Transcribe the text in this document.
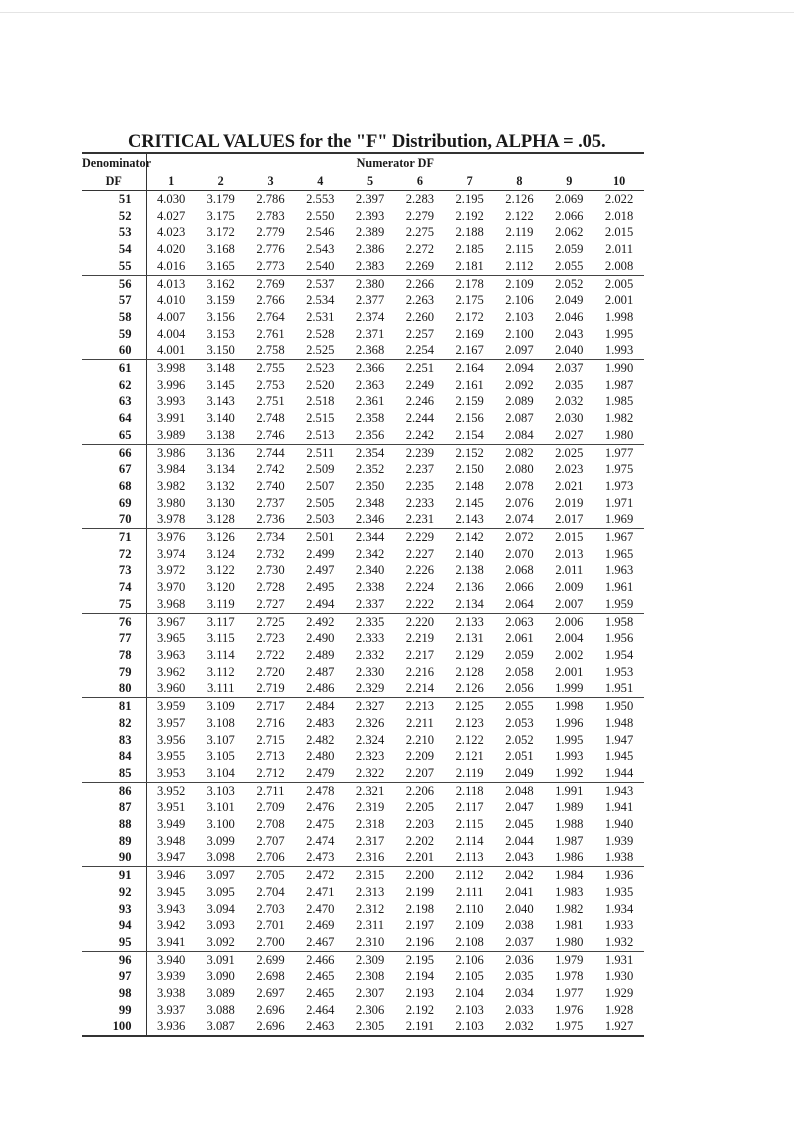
CRITICAL VALUES for the "F" Distribution, ALPHA = .05.
Denominator	Numerator DF									
DF	1	2	3	4	5	6	7	8	9	10
51	4.030	3.179	2.786	2.553	2.397	2.283	2.195	2.126	2.069	2.022
52	4.027	3.175	2.783	2.550	2.393	2.279	2.192	2.122	2.066	2.018
53	4.023	3.172	2.779	2.546	2.389	2.275	2.188	2.119	2.062	2.015
54	4.020	3.168	2.776	2.543	2.386	2.272	2.185	2.115	2.059	2.011
55	4.016	3.165	2.773	2.540	2.383	2.269	2.181	2.112	2.055	2.008
56	4.013	3.162	2.769	2.537	2.380	2.266	2.178	2.109	2.052	2.005
57	4.010	3.159	2.766	2.534	2.377	2.263	2.175	2.106	2.049	2.001
58	4.007	3.156	2.764	2.531	2.374	2.260	2.172	2.103	2.046	1.998
59	4.004	3.153	2.761	2.528	2.371	2.257	2.169	2.100	2.043	1.995
60	4.001	3.150	2.758	2.525	2.368	2.254	2.167	2.097	2.040	1.993
61	3.998	3.148	2.755	2.523	2.366	2.251	2.164	2.094	2.037	1.990
62	3.996	3.145	2.753	2.520	2.363	2.249	2.161	2.092	2.035	1.987
63	3.993	3.143	2.751	2.518	2.361	2.246	2.159	2.089	2.032	1.985
64	3.991	3.140	2.748	2.515	2.358	2.244	2.156	2.087	2.030	1.982
65	3.989	3.138	2.746	2.513	2.356	2.242	2.154	2.084	2.027	1.980
66	3.986	3.136	2.744	2.511	2.354	2.239	2.152	2.082	2.025	1.977
67	3.984	3.134	2.742	2.509	2.352	2.237	2.150	2.080	2.023	1.975
68	3.982	3.132	2.740	2.507	2.350	2.235	2.148	2.078	2.021	1.973
69	3.980	3.130	2.737	2.505	2.348	2.233	2.145	2.076	2.019	1.971
70	3.978	3.128	2.736	2.503	2.346	2.231	2.143	2.074	2.017	1.969
71	3.976	3.126	2.734	2.501	2.344	2.229	2.142	2.072	2.015	1.967
72	3.974	3.124	2.732	2.499	2.342	2.227	2.140	2.070	2.013	1.965
73	3.972	3.122	2.730	2.497	2.340	2.226	2.138	2.068	2.011	1.963
74	3.970	3.120	2.728	2.495	2.338	2.224	2.136	2.066	2.009	1.961
75	3.968	3.119	2.727	2.494	2.337	2.222	2.134	2.064	2.007	1.959
76	3.967	3.117	2.725	2.492	2.335	2.220	2.133	2.063	2.006	1.958
77	3.965	3.115	2.723	2.490	2.333	2.219	2.131	2.061	2.004	1.956
78	3.963	3.114	2.722	2.489	2.332	2.217	2.129	2.059	2.002	1.954
79	3.962	3.112	2.720	2.487	2.330	2.216	2.128	2.058	2.001	1.953
80	3.960	3.111	2.719	2.486	2.329	2.214	2.126	2.056	1.999	1.951
81	3.959	3.109	2.717	2.484	2.327	2.213	2.125	2.055	1.998	1.950
82	3.957	3.108	2.716	2.483	2.326	2.211	2.123	2.053	1.996	1.948
83	3.956	3.107	2.715	2.482	2.324	2.210	2.122	2.052	1.995	1.947
84	3.955	3.105	2.713	2.480	2.323	2.209	2.121	2.051	1.993	1.945
85	3.953	3.104	2.712	2.479	2.322	2.207	2.119	2.049	1.992	1.944
86	3.952	3.103	2.711	2.478	2.321	2.206	2.118	2.048	1.991	1.943
87	3.951	3.101	2.709	2.476	2.319	2.205	2.117	2.047	1.989	1.941
88	3.949	3.100	2.708	2.475	2.318	2.203	2.115	2.045	1.988	1.940
89	3.948	3.099	2.707	2.474	2.317	2.202	2.114	2.044	1.987	1.939
90	3.947	3.098	2.706	2.473	2.316	2.201	2.113	2.043	1.986	1.938
91	3.946	3.097	2.705	2.472	2.315	2.200	2.112	2.042	1.984	1.936
92	3.945	3.095	2.704	2.471	2.313	2.199	2.111	2.041	1.983	1.935
93	3.943	3.094	2.703	2.470	2.312	2.198	2.110	2.040	1.982	1.934
94	3.942	3.093	2.701	2.469	2.311	2.197	2.109	2.038	1.981	1.933
95	3.941	3.092	2.700	2.467	2.310	2.196	2.108	2.037	1.980	1.932
96	3.940	3.091	2.699	2.466	2.309	2.195	2.106	2.036	1.979	1.931
97	3.939	3.090	2.698	2.465	2.308	2.194	2.105	2.035	1.978	1.930
98	3.938	3.089	2.697	2.465	2.307	2.193	2.104	2.034	1.977	1.929
99	3.937	3.088	2.696	2.464	2.306	2.192	2.103	2.033	1.976	1.928
100	3.936	3.087	2.696	2.463	2.305	2.191	2.103	2.032	1.975	1.927
